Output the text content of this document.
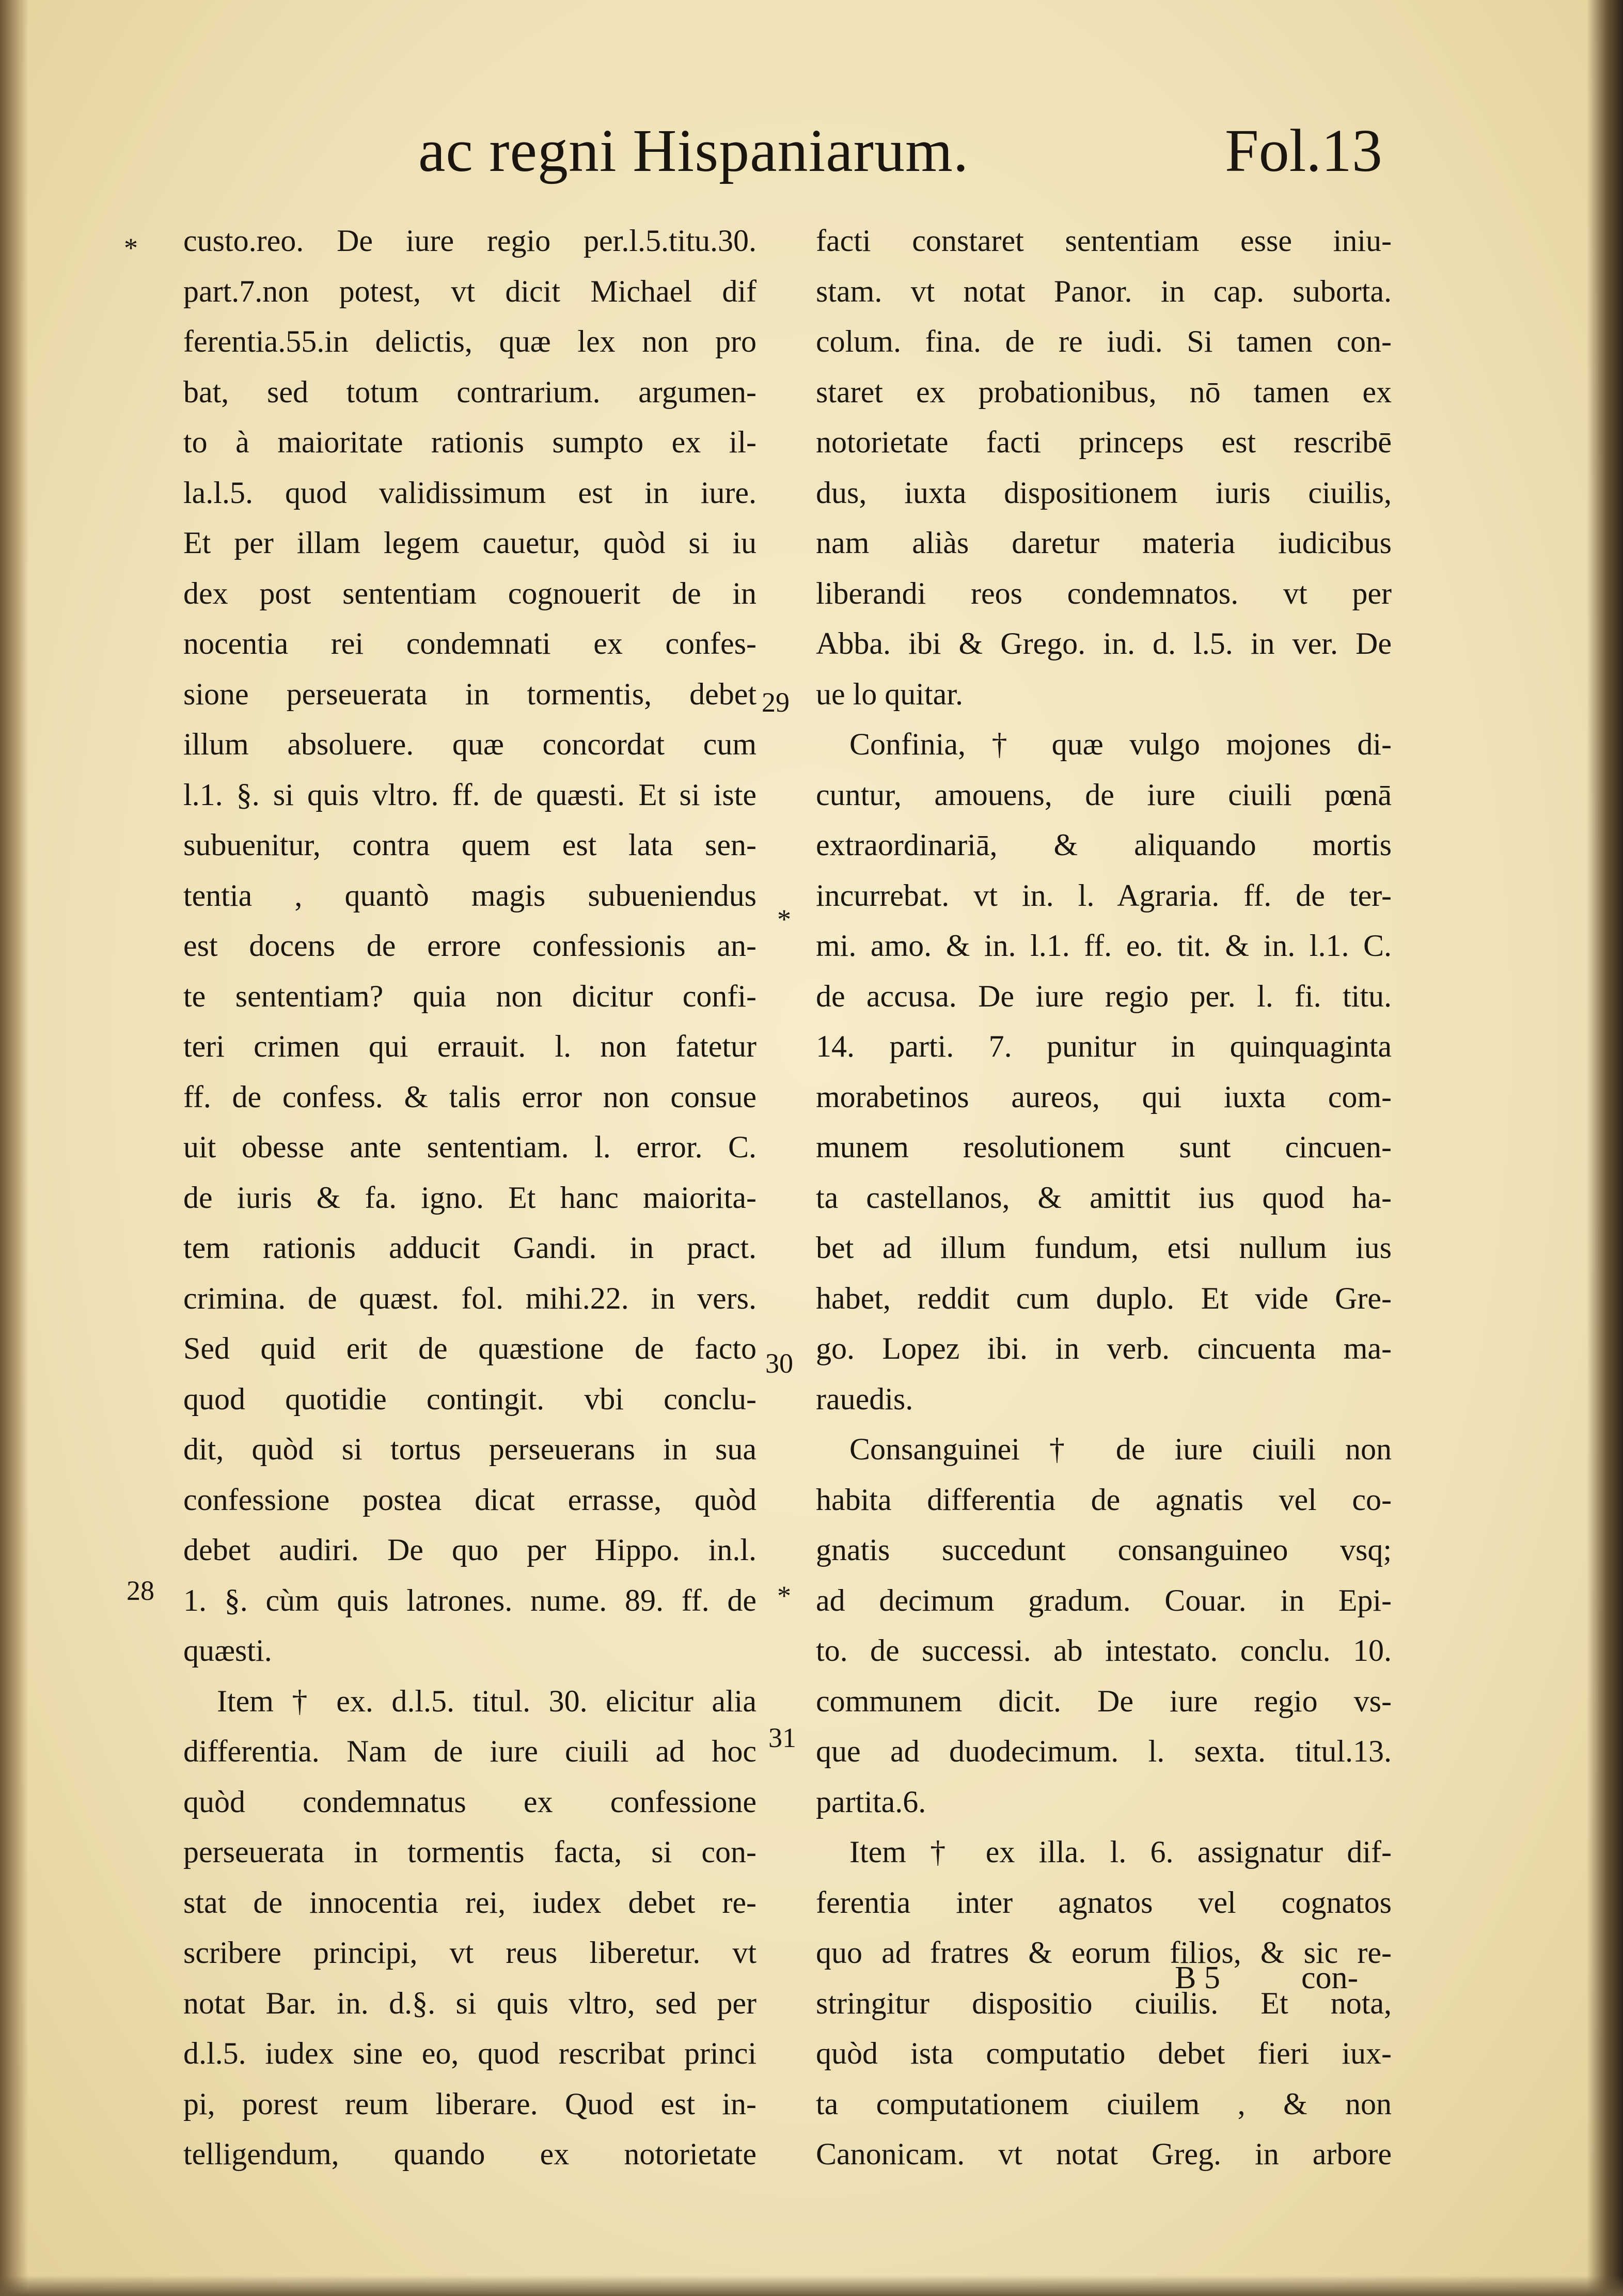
ac regni Hispaniarum.	Fol.13
*
29
*
30
28	*
31
custo.reo. De iure regio per.l.5.titu.30.
part.7.non potest, vt dicit Michael dif
ferentia.55.in delictis, quæ lex non pro
bat, sed totum contrarium. argumen-
to à maioritate rationis sumpto ex il-
la.l.5. quod validissimum est in iure.
Et per illam legem cauetur, quòd si iu
dex post sententiam cognouerit de in
nocentia rei condemnati ex confes-
sione perseuerata in tormentis, debet
illum absoluere. quæ concordat cum
l.1. §. si quis vltro. ff. de quæsti. Et si iste
subuenitur, contra quem est lata sen-
tentia , quantò magis subueniendus
est docens de errore confessionis an-
te sententiam? quia non dicitur confi-
teri crimen qui errauit. l. non fatetur
ff. de confess. & talis error non consue
uit obesse ante sententiam. l. error. C.
de iuris & fa. igno. Et hanc maiorita-
tem rationis adducit Gandi. in pract.
crimina. de quæst. fol. mihi.22. in vers.
Sed quid erit de quæstione de facto
quod quotidie contingit. vbi conclu-
dit, quòd si tortus perseuerans in sua
confessione postea dicat errasse, quòd
debet audiri. De quo per Hippo. in.l.
1. §. cùm quis latrones. nume. 89. ff. de
quæsti.
Item † ex. d.l.5. titul. 30. elicitur alia
differentia. Nam de iure ciuili ad hoc
quòd condemnatus ex confessione
perseuerata in tormentis facta, si con-
stat de innocentia rei, iudex debet re-
scribere principi, vt reus liberetur. vt
notat Bar. in. d.§. si quis vltro, sed per
d.l.5. iudex sine eo, quod rescribat princi
pi, porest reum liberare. Quod est in-
telligendum, quando ex notorietate
facti constaret sententiam esse iniu-
stam. vt notat Panor. in cap. suborta.
colum. fina. de re iudi. Si tamen con-
staret ex probationibus, nō tamen ex
notorietate facti princeps est rescribē
dus, iuxta dispositionem iuris ciuilis,
nam aliàs daretur materia iudicibus
liberandi reos condemnatos. vt per
Abba. ibi & Grego. in. d. l.5. in ver. De
ue lo quitar.
Confinia, † quæ vulgo mojones di-
cuntur, amouens, de iure ciuili pœnā
extraordinariā, & aliquando mortis
incurrebat. vt in. l. Agraria. ff. de ter-
mi. amo. & in. l.1. ff. eo. tit. & in. l.1. C.
de accusa. De iure regio per. l. fi. titu.
14. parti. 7. punitur in quinquaginta
morabetinos aureos, qui iuxta com-
munem resolutionem sunt cincuen-
ta castellanos, & amittit ius quod ha-
bet ad illum fundum, etsi nullum ius
habet, reddit cum duplo. Et vide Gre-
go. Lopez ibi. in verb. cincuenta ma-
rauedis.
Consanguinei † de iure ciuili non
habita differentia de agnatis vel co-
gnatis succedunt consanguineo vsq;
ad decimum gradum. Couar. in Epi-
to. de successi. ab intestato. conclu. 10.
communem dicit. De iure regio vs-
que ad duodecimum. l. sexta. titul.13.
partita.6.
Item † ex illa. l. 6. assignatur dif-
ferentia inter agnatos vel cognatos
quo ad fratres & eorum filios, & sic re-
stringitur dispositio ciuilis. Et nota,
quòd ista computatio debet fieri iux-
ta computationem ciuilem , & non
Canonicam. vt notat Greg. in arbore
B 5	con-
